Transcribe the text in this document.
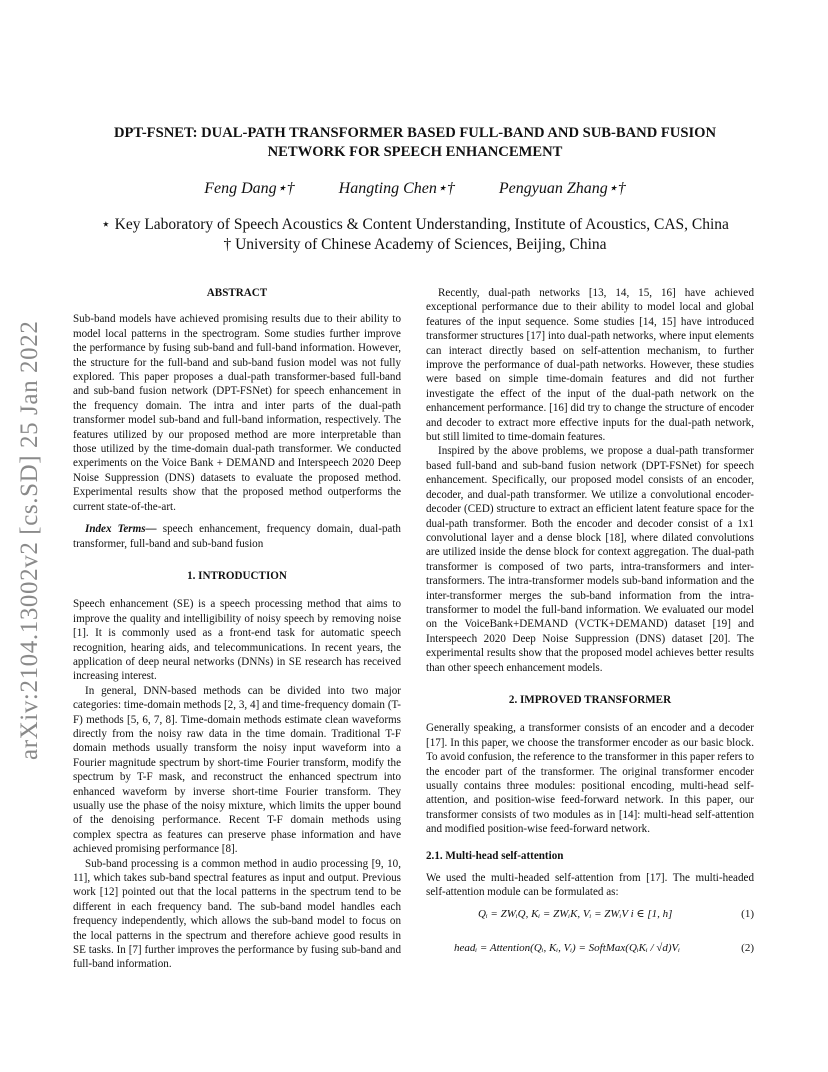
arXiv:2104.13002v2 [cs.SD] 25 Jan 2022
DPT-FSNET: DUAL-PATH TRANSFORMER BASED FULL-BAND AND SUB-BAND FUSION
NETWORK FOR SPEECH ENHANCEMENT
Feng Dang⋆†	Hangting Chen⋆†	Pengyuan Zhang⋆†
⋆ Key Laboratory of Speech Acoustics & Content Understanding, Institute of Acoustics, CAS, China
† University of Chinese Academy of Sciences, Beijing, China

ABSTRACT

Sub-band models have achieved promising results due to their ability to model local patterns in the spectrogram. Some studies further improve the performance by fusing sub-band and full-band information. However, the structure for the full-band and sub-band fusion model was not fully explored. This paper proposes a dual-path transformer-based full-band and sub-band fusion network (DPT-FSNet) for speech enhancement in the frequency domain. The intra and inter parts of the dual-path transformer model sub-band and full-band information, respectively. The features utilized by our proposed method are more interpretable than those utilized by the time-domain dual-path transformer. We conducted experiments on the Voice Bank + DEMAND and Interspeech 2020 Deep Noise Suppression (DNS) datasets to evaluate the proposed method. Experimental results show that the proposed method outperforms the current state-of-the-art.

Index Terms— speech enhancement, frequency domain, dual-path transformer, full-band and sub-band fusion

1. INTRODUCTION

Speech enhancement (SE) is a speech processing method that aims to improve the quality and intelligibility of noisy speech by removing noise [1]. It is commonly used as a front-end task for automatic speech recognition, hearing aids, and telecommunications. In recent years, the application of deep neural networks (DNNs) in SE research has received increasing interest.

In general, DNN-based methods can be divided into two major categories: time-domain methods [2, 3, 4] and time-frequency domain (T-F) methods [5, 6, 7, 8]. Time-domain methods estimate clean waveforms directly from the noisy raw data in the time domain. Traditional T-F domain methods usually transform the noisy input waveform into a Fourier magnitude spectrum by short-time Fourier transform, modify the spectrum by T-F mask, and reconstruct the enhanced spectrum into enhanced waveform by inverse short-time Fourier transform. They usually use the phase of the noisy mixture, which limits the upper bound of the denoising performance. Recent T-F domain methods using complex spectra as features can preserve phase information and have achieved promising performance [8].

Sub-band processing is a common method in audio processing [9, 10, 11], which takes sub-band spectral features as input and output. Previous work [12] pointed out that the local patterns in the spectrum tend to be different in each frequency band. The sub-band model handles each frequency independently, which allows the sub-band model to focus on the local patterns in the spectrum and therefore achieve good results in SE tasks. In [7] further improves the performance by fusing sub-band and full-band information.

Recently, dual-path networks [13, 14, 15, 16] have achieved exceptional performance due to their ability to model local and global features of the input sequence. Some studies [14, 15] have introduced transformer structures [17] into dual-path networks, where input elements can interact directly based on self-attention mechanism, to further improve the performance of dual-path networks. However, these studies were based on simple time-domain features and did not further investigate the effect of the input of the dual-path network on the enhancement performance. [16] did try to change the structure of encoder and decoder to extract more effective inputs for the dual-path network, but still limited to time-domain features.

Inspired by the above problems, we propose a dual-path transformer based full-band and sub-band fusion network (DPT-FSNet) for speech enhancement. Specifically, our proposed model consists of an encoder, decoder, and dual-path transformer. We utilize a convolutional encoder-decoder (CED) structure to extract an efficient latent feature space for the dual-path transformer. Both the encoder and decoder consist of a 1x1 convolutional layer and a dense block [18], where dilated convolutions are utilized inside the dense block for context aggregation. The dual-path transformer is composed of two parts, intra-transformers and inter-transformers. The intra-transformer models sub-band information and the inter-transformer merges the sub-band information from the intra-transformer to model the full-band information. We evaluated our model on the VoiceBank+DEMAND (VCTK+DEMAND) dataset [19] and Interspeech 2020 Deep Noise Suppression (DNS) dataset [20]. The experimental results show that the proposed model achieves better results than other speech enhancement models.

2. IMPROVED TRANSFORMER

Generally speaking, a transformer consists of an encoder and a decoder [17]. In this paper, we choose the transformer encoder as our basic block. To avoid confusion, the reference to the transformer in this paper refers to the encoder part of the transformer. The original transformer encoder usually contains three modules: positional encoding, multi-head self-attention, and position-wise feed-forward network. In this paper, our transformer consists of two modules as in [14]: multi-head self-attention and modified position-wise feed-forward network.

2.1. Multi-head self-attention

We used the multi-headed self-attention from [17]. The multi-headed self-attention module can be formulated as:

Qᵢ = ZWᵢQ, Kᵢ = ZWᵢK, Vᵢ = ZWᵢV i ∈ [1, h]	(1)
headᵢ = Attention(Qᵢ, Kᵢ, Vᵢ) = SoftMax(QᵢKᵢ / √d)Vᵢ	(2)
